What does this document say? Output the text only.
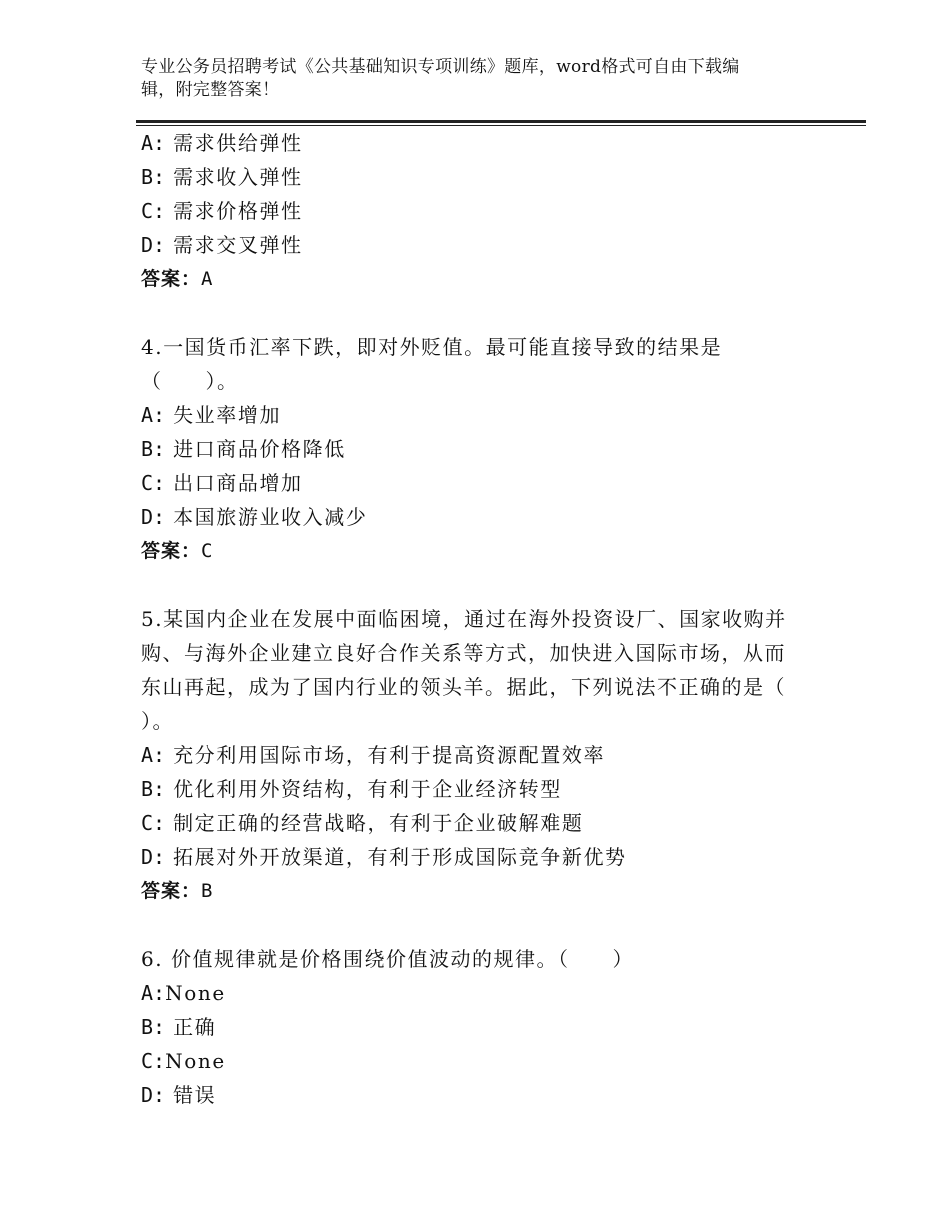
专业公务员招聘考试《公共基础知识专项训练》题库，word格式可自由下载编
辑，附完整答案！
A: 需求供给弹性
B: 需求收入弹性
C: 需求价格弹性
D: 需求交叉弹性
答案：A
4.一国货币汇率下跌，即对外贬值。最可能直接导致的结果是
（　　）。
A: 失业率增加
B: 进口商品价格降低
C: 出口商品增加
D: 本国旅游业收入减少
答案：C
5.某国内企业在发展中面临困境，通过在海外投资设厂、国家收购并
购、与海外企业建立良好合作关系等方式，加快进入国际市场，从而
东山再起，成为了国内行业的领头羊。据此，下列说法不正确的是（
）。
A: 充分利用国际市场，有利于提高资源配置效率
B: 优化利用外资结构，有利于企业经济转型
C: 制定正确的经营战略，有利于企业破解难题
D: 拓展对外开放渠道，有利于形成国际竞争新优势
答案：B
6. 价值规律就是价格围绕价值波动的规律。（　　）
A:None
B: 正确
C:None
D: 错误
